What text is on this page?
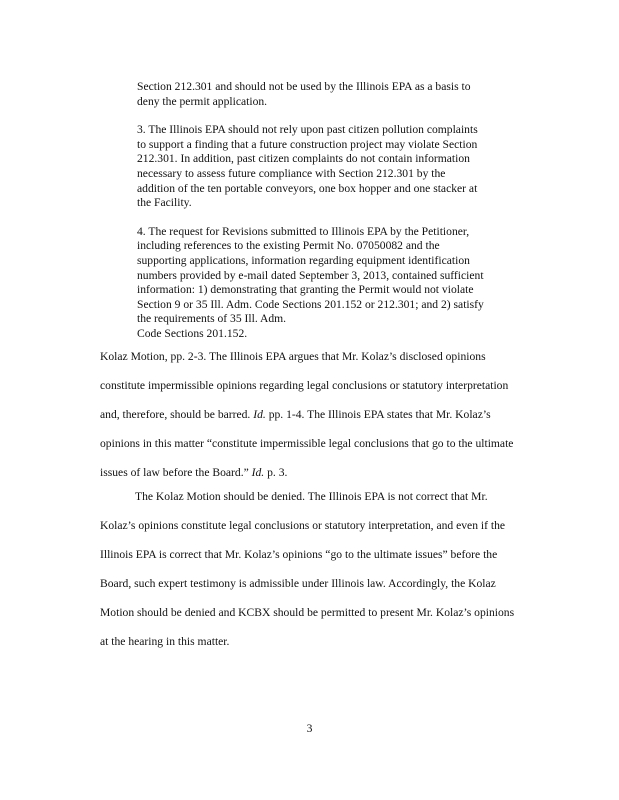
Section 212.301 and should not be used by the Illinois EPA as a basis to
deny the permit application.

3. The Illinois EPA should not rely upon past citizen pollution complaints
to support a finding that a future construction project may violate Section
212.301. In addition, past citizen complaints do not contain information
necessary to assess future compliance with Section 212.301 by the
addition of the ten portable conveyors, one box hopper and one stacker at
the Facility.

4. The request for Revisions submitted to Illinois EPA by the Petitioner,
including references to the existing Permit No. 07050082 and the
supporting applications, information regarding equipment identification
numbers provided by e-mail dated September 3, 2013, contained sufficient
information: 1) demonstrating that granting the Permit would not violate
Section 9 or 35 Ill. Adm. Code Sections 201.152 or 212.301; and 2) satisfy
the requirements of 35 Ill. Adm.
Code Sections 201.152.

Kolaz Motion, pp. 2-3. The Illinois EPA argues that Mr. Kolaz’s disclosed opinions
constitute impermissible opinions regarding legal conclusions or statutory interpretation
and, therefore, should be barred. Id. pp. 1-4. The Illinois EPA states that Mr. Kolaz’s
opinions in this matter “constitute impermissible legal conclusions that go to the ultimate
issues of law before the Board.” Id. p. 3.
The Kolaz Motion should be denied. The Illinois EPA is not correct that Mr.
Kolaz’s opinions constitute legal conclusions or statutory interpretation, and even if the
Illinois EPA is correct that Mr. Kolaz’s opinions “go to the ultimate issues” before the
Board, such expert testimony is admissible under Illinois law. Accordingly, the Kolaz
Motion should be denied and KCBX should be permitted to present Mr. Kolaz’s opinions
at the hearing in this matter.
3
